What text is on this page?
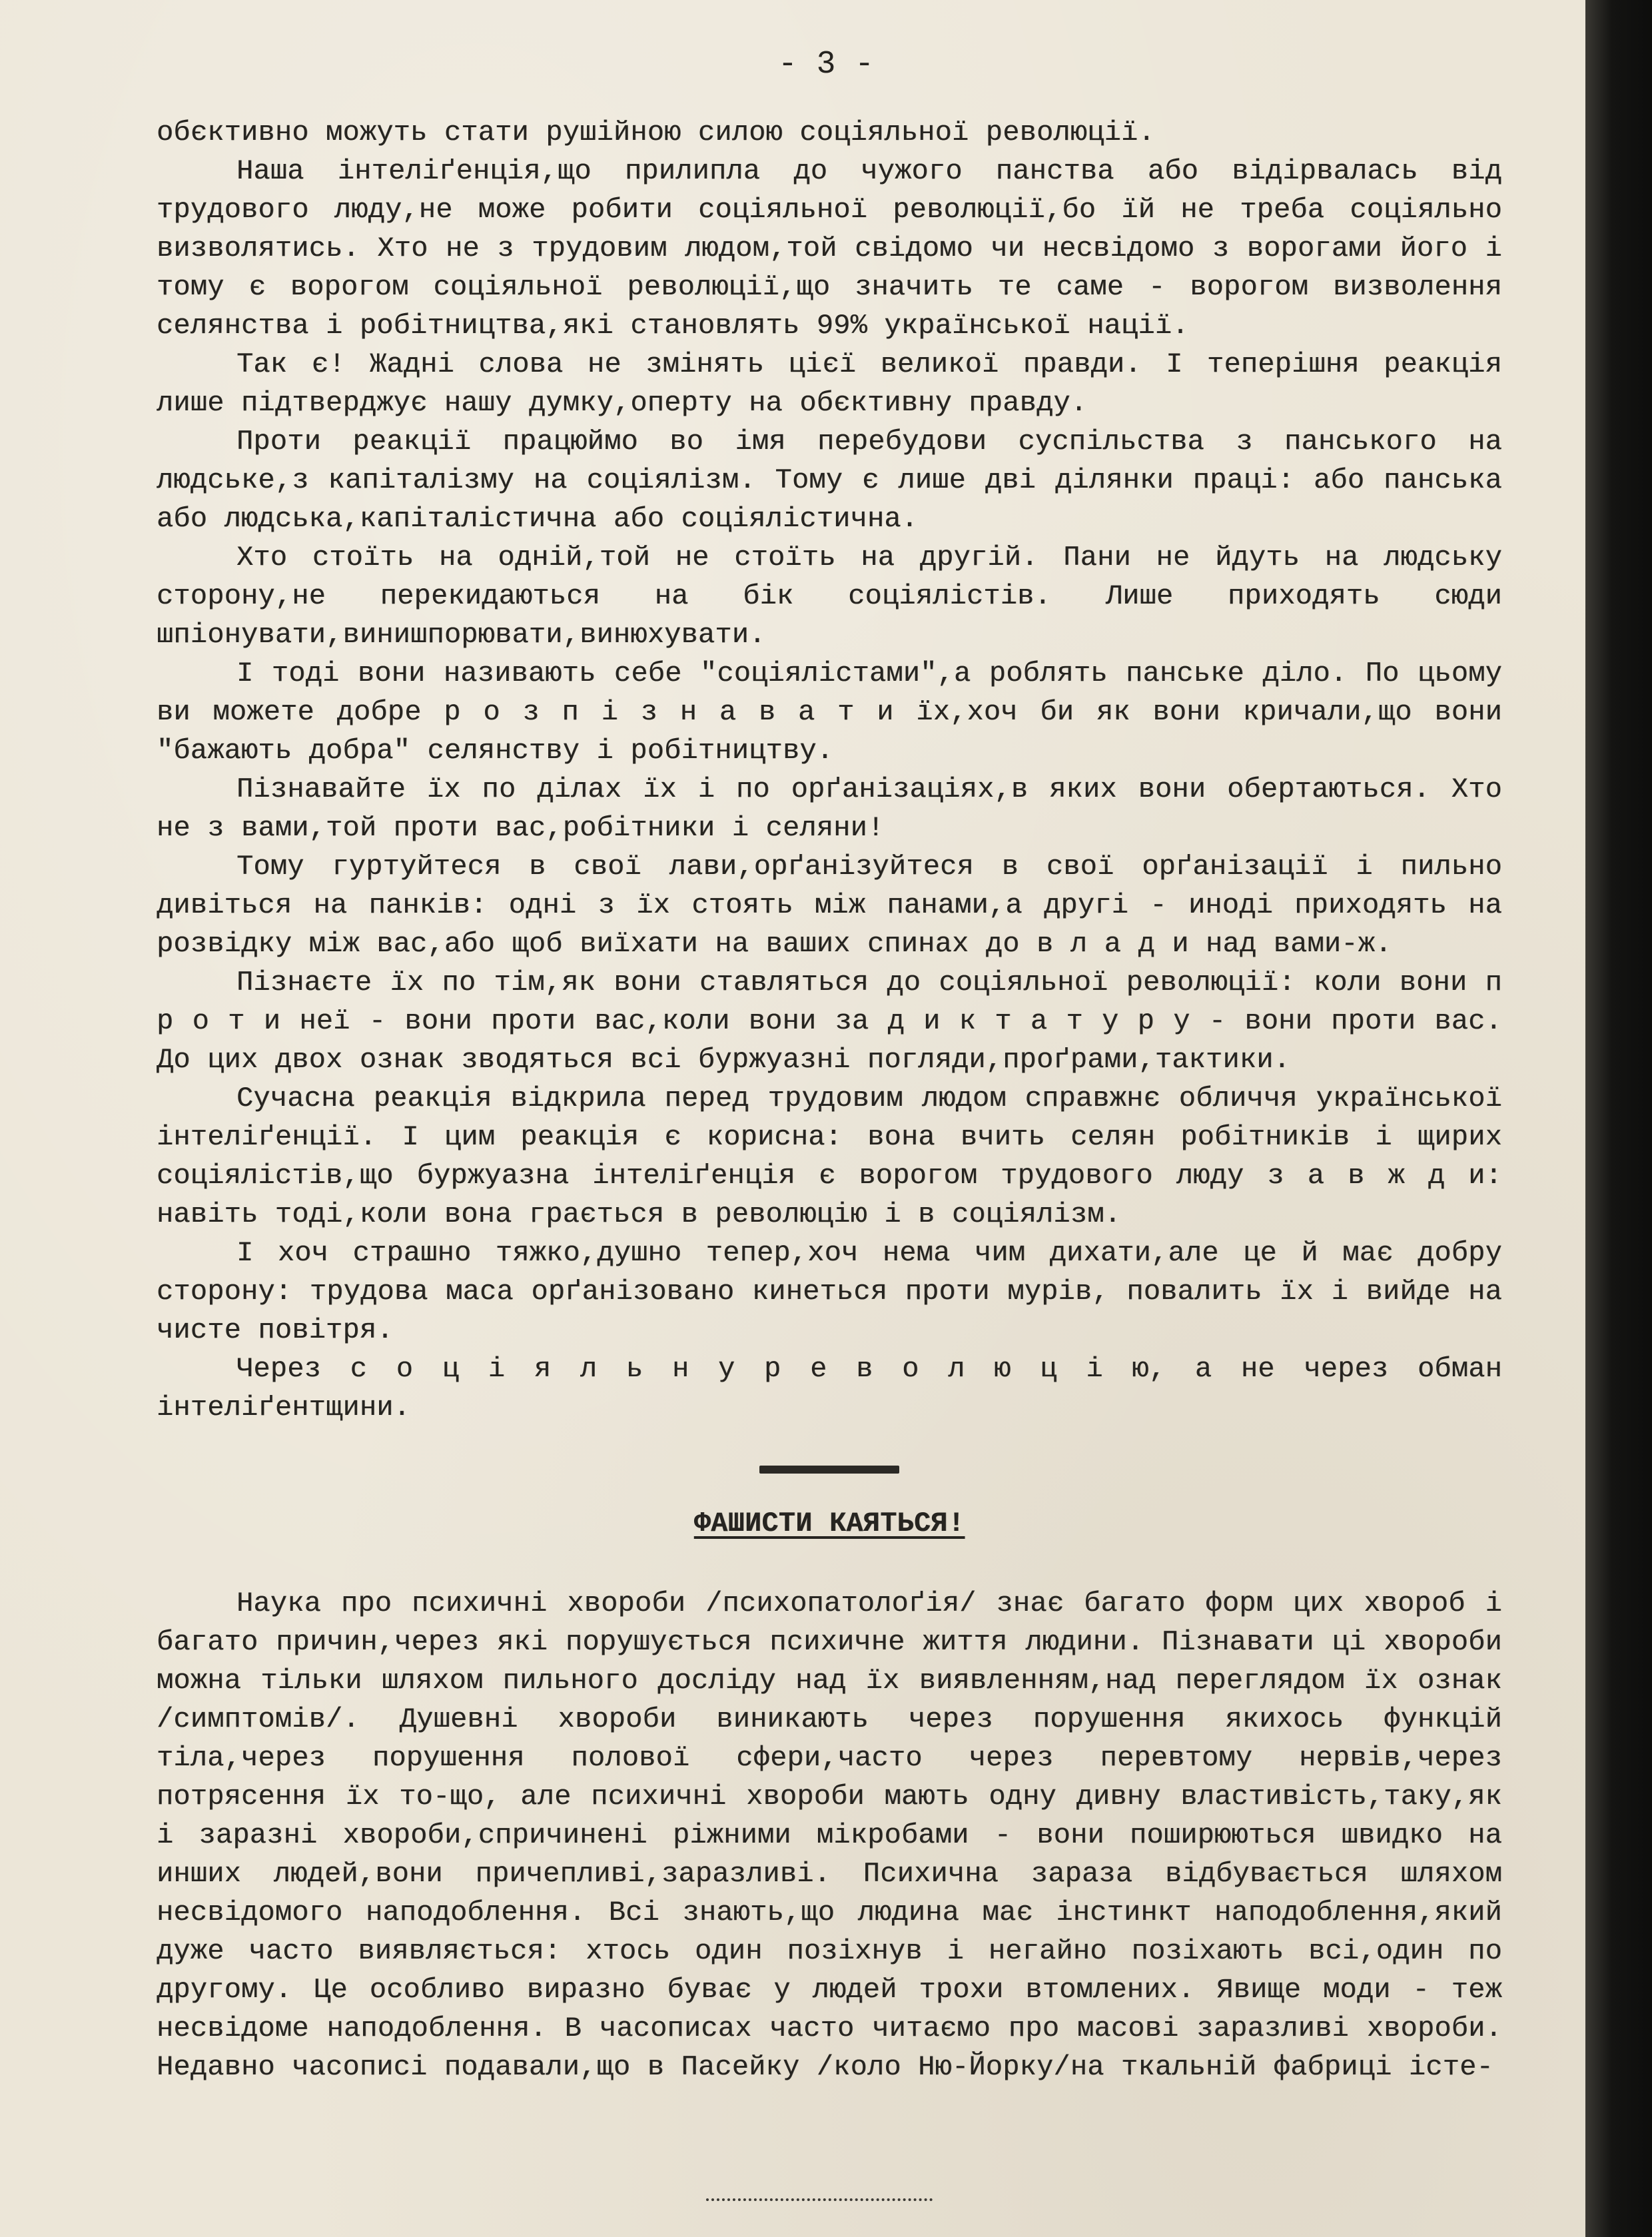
- 3 -

обєктивно можуть стати рушійною силою соціяльної революції.

Наша інтеліґенція,що прилипла до чужого панства або відірвалась від трудового люду,не може робити соціяльної революції,бо їй не треба соціяльно визволятись. Хто не з трудовим людом,той свідомо чи несвідомо з ворогами його і тому є ворогом соціяльної революції,що значить те саме - ворогом визволення селянства і робітництва,які становлять 99% української нації.

Так є! Жадні слова не змінять цієї великої правди. І теперішня реакція лише підтверджує нашу думку,оперту на обєктивну правду.

Проти реакції працюймо во імя перебудови суспільства з панського на людське,з капіталізму на соціялізм. Тому є лише дві ділянки праці: або панська або людська,капіталістична або соціялістична.

Хто стоїть на одній,той не стоїть на другій. Пани не йдуть на людську сторону,не перекидаються на бік соціялістів. Лише приходять сюди шпіонувати,винишпорювати,винюхувати.

І тоді вони називають себе "соціялістами",а роблять панське діло. По цьому ви можете добре р о з п і з н а в а т и їх,хоч би як вони кричали,що вони "бажають добра" селянству і робітництву.

Пізнавайте їх по ділах їх і по орґанізаціях,в яких вони обертаються. Хто не з вами,той проти вас,робітники і селяни!

Тому гуртуйтеся в свої лави,орґанізуйтеся в свої орґанізації і пильно дивіться на панків: одні з їх стоять між панами,а другі - иноді приходять на розвідку між вас,або щоб виїхати на ваших спинах до в л а д и над вами-ж.

Пізнаєте їх по тім,як вони ставляться до соціяльної революції: коли вони п р о т и неї - вони проти вас,коли вони за д и к т а т у р у - вони проти вас. До цих двох ознак зводяться всі буржуазні погляди,проґрами,тактики.

Сучасна реакція відкрила перед трудовим людом справжнє обличчя української інтеліґенції. І цим реакція є корисна: вона вчить селян робітників і щирих соціялістів,що буржуазна інтеліґенція є ворогом трудового люду з а в ж д и: навіть тоді,коли вона грається в революцію і в соціялізм.

І хоч страшно тяжко,душно тепер,хоч нема чим дихати,але це й має добру сторону: трудова маса орґанізовано кинеться проти мурів, повалить їх і вийде на чисте повітря.

Через с о ц і я л ь н у р е в о л ю ц і ю, а не через обман інтеліґентщини.

ФАШИСТИ КАЯТЬСЯ!

Наука про психичні хвороби /психопатолоґія/ знає багато форм цих хвороб і багато причин,через які порушується психичне життя людини. Пізнавати ці хвороби можна тільки шляхом пильного досліду над їх виявленням,над переглядом їх ознак /симптомів/. Душевні хвороби виникають через порушення якихось функцій тіла,через порушення полової сфери,часто через перевтому нервів,через потрясення їх то-що, але психичні хвороби мають одну дивну властивість,таку,як і заразні хвороби,спричинені ріжними мікробами - вони поширюються швидко на инших людей,вони причепливі,заразливі. Психична зараза відбувається шляхом несвідомого наподоблення. Всі знають,що людина має інстинкт наподоблення,який дуже часто виявляється: хтось один позіхнув і негайно позіхають всі,один по другому. Це особливо виразно буває у людей трохи втомлених. Явище моди - теж несвідоме наподоблення. В часописах часто читаємо про масові заразливі хвороби. Недавно часописі подавали,що в Пасейку /коло Ню-Йорку/на ткальній фабриці істе-
